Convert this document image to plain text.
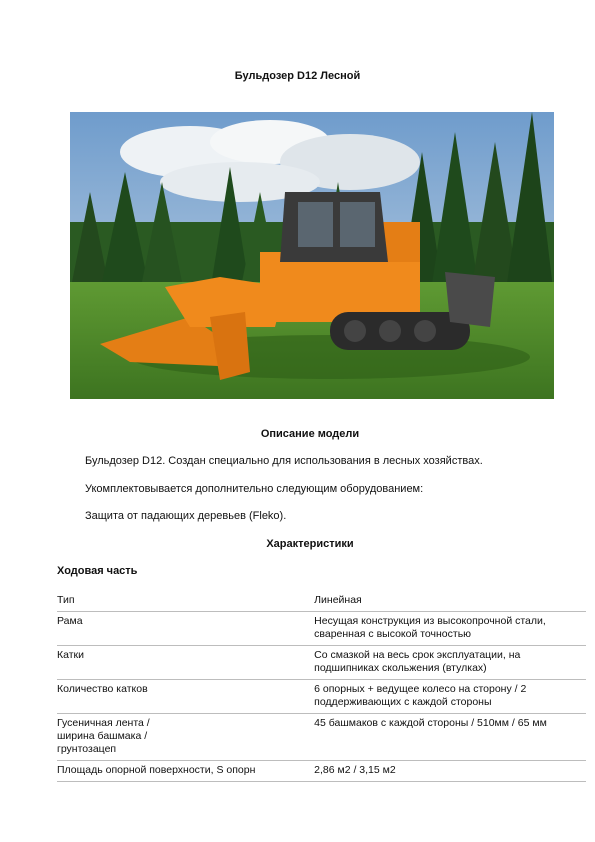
Бульдозер D12 Лесной
Описание модели
Бульдозер D12. Создан специально для использования в лесных хозяйствах.
Укомплектовывается дополнительно следующим оборудованием:
Защита от падающих деревьев (Fleko).
Характеристики
Ходовая часть
Тип	Линейная
Рама	Несущая конструкция из высокопрочной стали, сваренная с высокой точностью
Катки	Со смазкой на весь срок эксплуатации, на подшипниках скольжения (втулках)
Количество катков	6 опорных + ведущее колесо на сторону / 2 поддерживающих с каждой стороны
Гусеничная лента / ширина башмака / грунтозацеп	45 башмаков с каждой стороны / 510мм / 65 мм
Площадь опорной поверхности, S опорн	2,86 м2 / 3,15 м2
